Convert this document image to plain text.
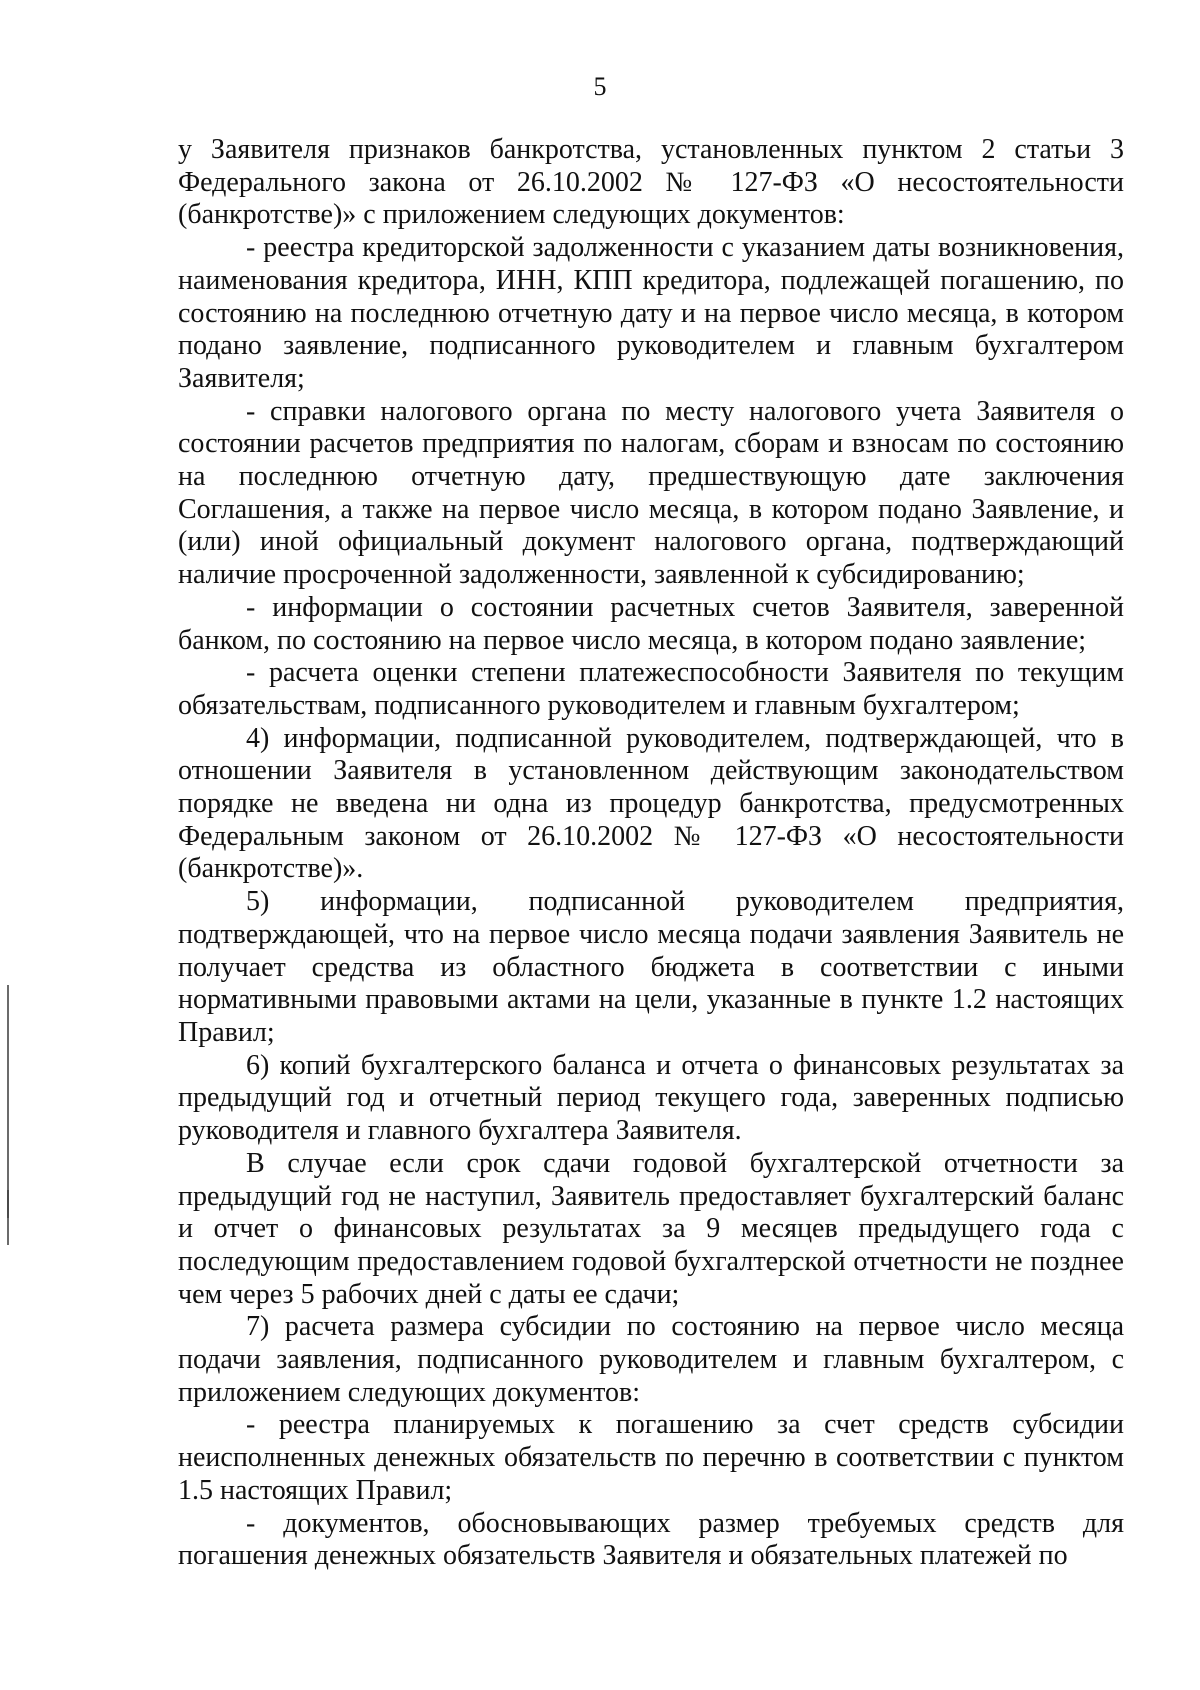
5

у Заявителя признаков банкротства, установленных пунктом 2 статьи 3 Федерального закона от 26.10.2002 № 127-ФЗ «О несостоятельности (банкротстве)» с приложением следующих документов:

- реестра кредиторской задолженности с указанием даты возникновения, наименования кредитора, ИНН, КПП кредитора, подлежащей погашению, по состоянию на последнюю отчетную дату и на первое число месяца, в котором подано заявление, подписанного руководителем и главным бухгалтером Заявителя;

- справки налогового органа по месту налогового учета Заявителя о состоянии расчетов предприятия по налогам, сборам и взносам по состоянию на последнюю отчетную дату, предшествующую дате заключения Соглашения, а также на первое число месяца, в котором подано Заявление, и (или) иной официальный документ налогового органа, подтверждающий наличие просроченной задолженности, заявленной к субсидированию;

- информации о состоянии расчетных счетов Заявителя, заверенной банком, по состоянию на первое число месяца, в котором подано заявление;

- расчета оценки степени платежеспособности Заявителя по текущим обязательствам, подписанного руководителем и главным бухгалтером;

4) информации, подписанной руководителем, подтверждающей, что в отношении Заявителя в установленном действующим законодательством порядке не введена ни одна из процедур банкротства, предусмотренных Федеральным законом от 26.10.2002 № 127-ФЗ «О несостоятельности (банкротстве)».

5) информации, подписанной руководителем предприятия, подтверждающей, что на первое число месяца подачи заявления Заявитель не получает средства из областного бюджета в соответствии с иными нормативными правовыми актами на цели, указанные в пункте 1.2 настоящих Правил;

6) копий бухгалтерского баланса и отчета о финансовых результатах за предыдущий год и отчетный период текущего года, заверенных подписью руководителя и главного бухгалтера Заявителя.

В случае если срок сдачи годовой бухгалтерской отчетности за предыдущий год не наступил, Заявитель предоставляет бухгалтерский баланс и отчет о финансовых результатах за 9 месяцев предыдущего года с последующим предоставлением годовой бухгалтерской отчетности не позднее чем через 5 рабочих дней с даты ее сдачи;

7) расчета размера субсидии по состоянию на первое число месяца подачи заявления, подписанного руководителем и главным бухгалтером, с приложением следующих документов:

- реестра планируемых к погашению за счет средств субсидии неисполненных денежных обязательств по перечню в соответствии с пунктом 1.5 настоящих Правил;

- документов, обосновывающих размер требуемых средств для погашения денежных обязательств Заявителя и обязательных платежей по
